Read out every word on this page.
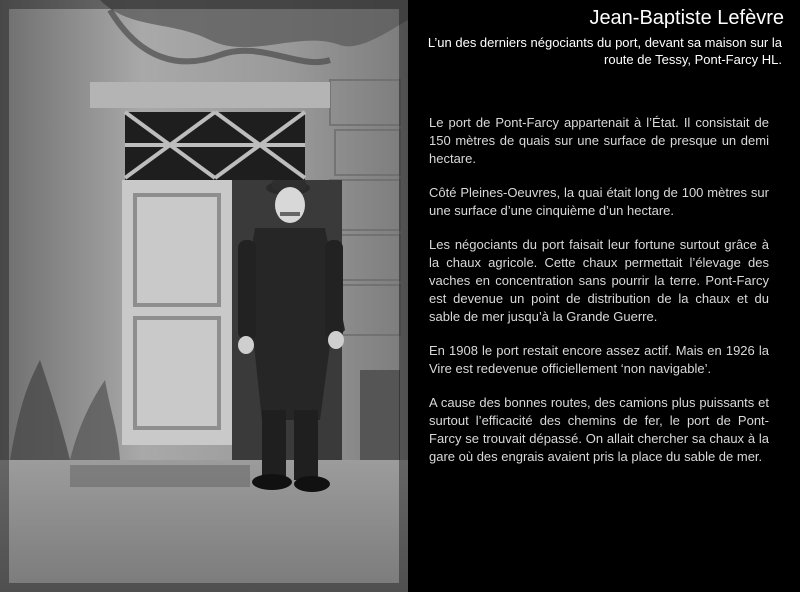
Jean-Baptiste Lefèvre

L’un des derniers négociants du port, devant sa maison sur la route de Tessy, Pont-Farcy HL.

Le port de Pont-Farcy appartenait à l’État. Il consistait de 150 mètres de quais sur une surface de presque un demi hectare.

Côté Pleines-Oeuvres, la quai était long de 100 mètres sur une surface d’une cinquième d’un hectare.

Les négociants du port faisait leur fortune surtout grâce à la chaux agricole. Cette chaux permettait l’élevage des vaches en concentration sans pourrir la terre. Pont-Farcy est devenue un point de distribution de la chaux et du sable de mer jusqu’à la Grande Guerre.

En 1908 le port restait encore assez actif. Mais en 1926 la Vire est redevenue officiellement ‘non navigable’.

A cause des bonnes routes, des camions plus puissants et surtout l’efficacité des chemins de fer, le port de Pont-Farcy se trouvait dépassé. On allait chercher sa chaux à la gare où des engrais avaient pris la place du sable de mer.
